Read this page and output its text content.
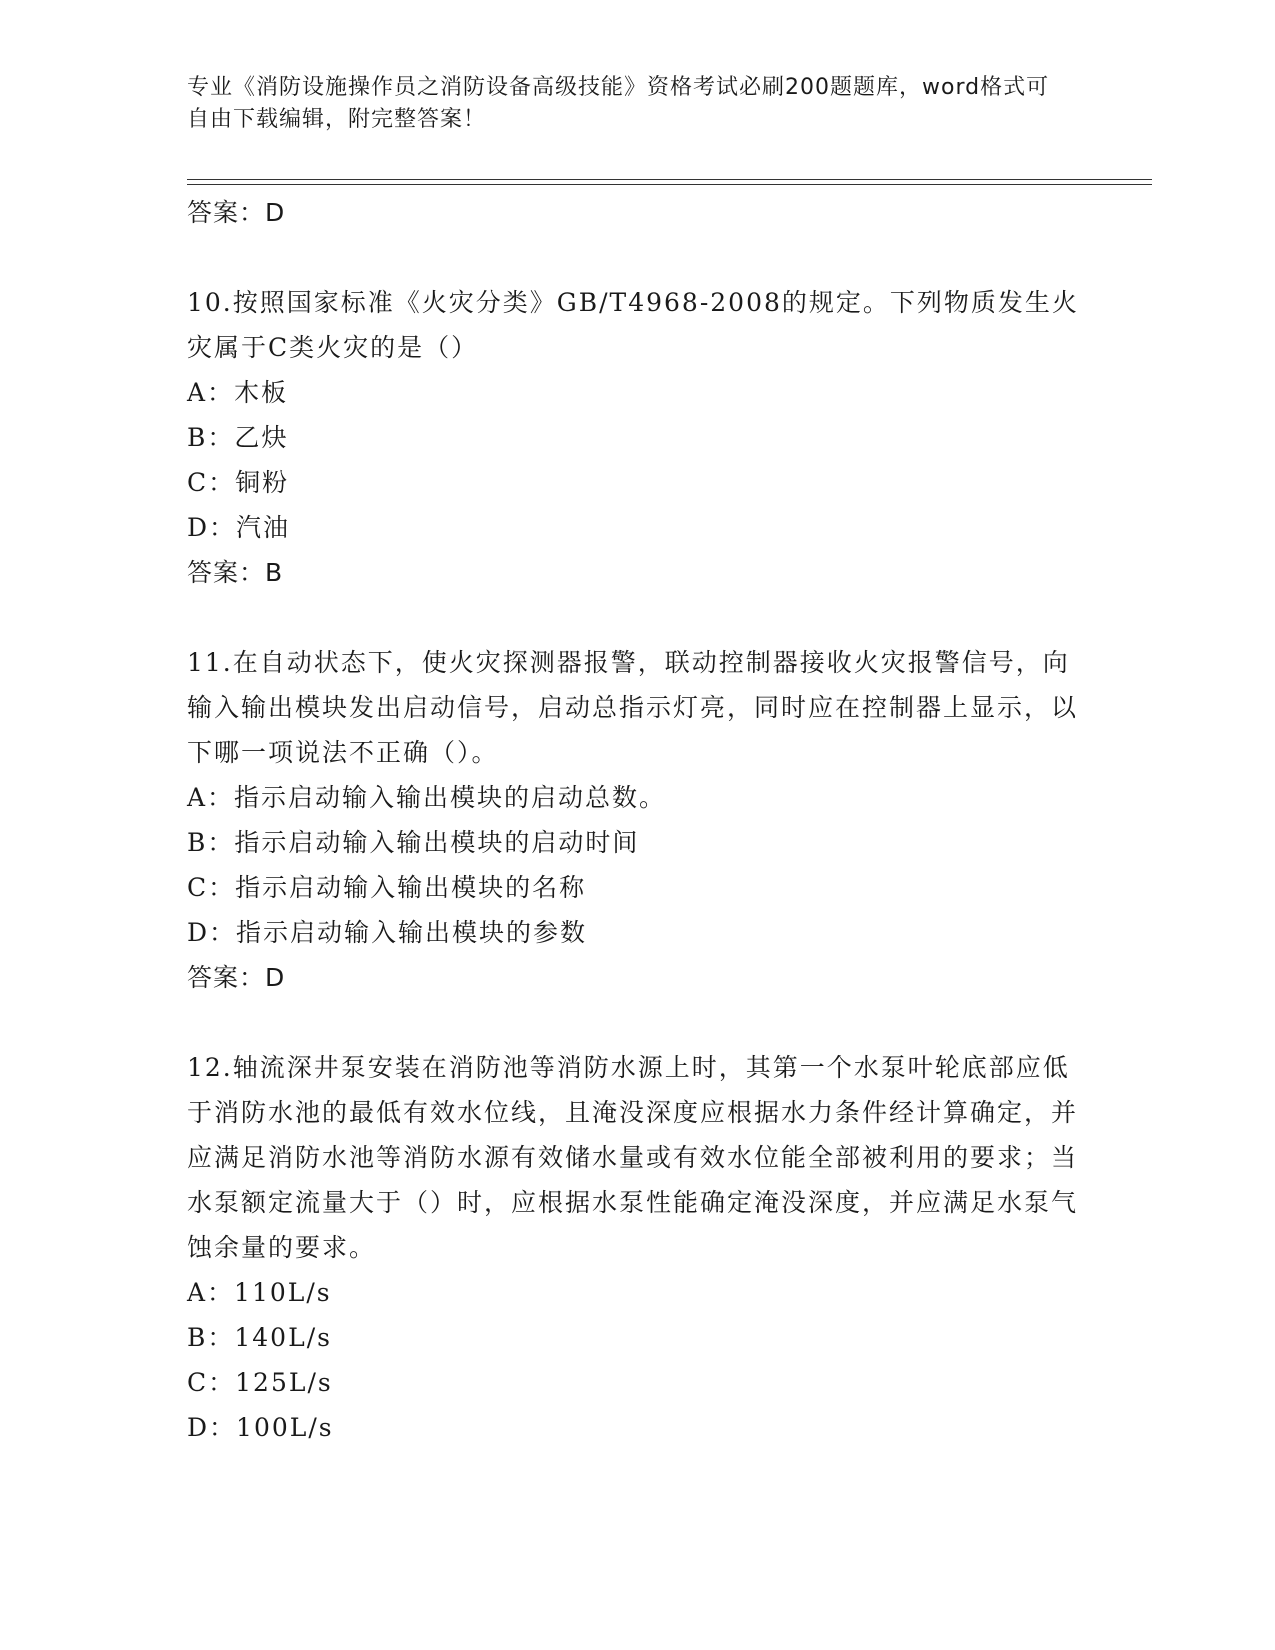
专业《消防设施操作员之消防设备高级技能》资格考试必刷200题题库，word格式可自由下载编辑，附完整答案！

答案：D

10.按照国家标准《火灾分类》GB/T4968-2008的规定。下列物质发生火灾属于C类火灾的是（）

A：木板

B：乙炔

C：铜粉

D：汽油

答案：B

11.在自动状态下，使火灾探测器报警，联动控制器接收火灾报警信号，向输入输出模块发出启动信号，启动总指示灯亮，同时应在控制器上显示，以下哪一项说法不正确（）。

A：指示启动输入输出模块的启动总数。

B：指示启动输入输出模块的启动时间

C：指示启动输入输出模块的名称

D：指示启动输入输出模块的参数

答案：D

12.轴流深井泵安装在消防池等消防水源上时，其第一个水泵叶轮底部应低于消防水池的最低有效水位线，且淹没深度应根据水力条件经计算确定，并应满足消防水池等消防水源有效储水量或有效水位能全部被利用的要求；当水泵额定流量大于（）时，应根据水泵性能确定淹没深度，并应满足水泵气蚀余量的要求。

A：110L/s

B：140L/s

C：125L/s

D：100L/s
